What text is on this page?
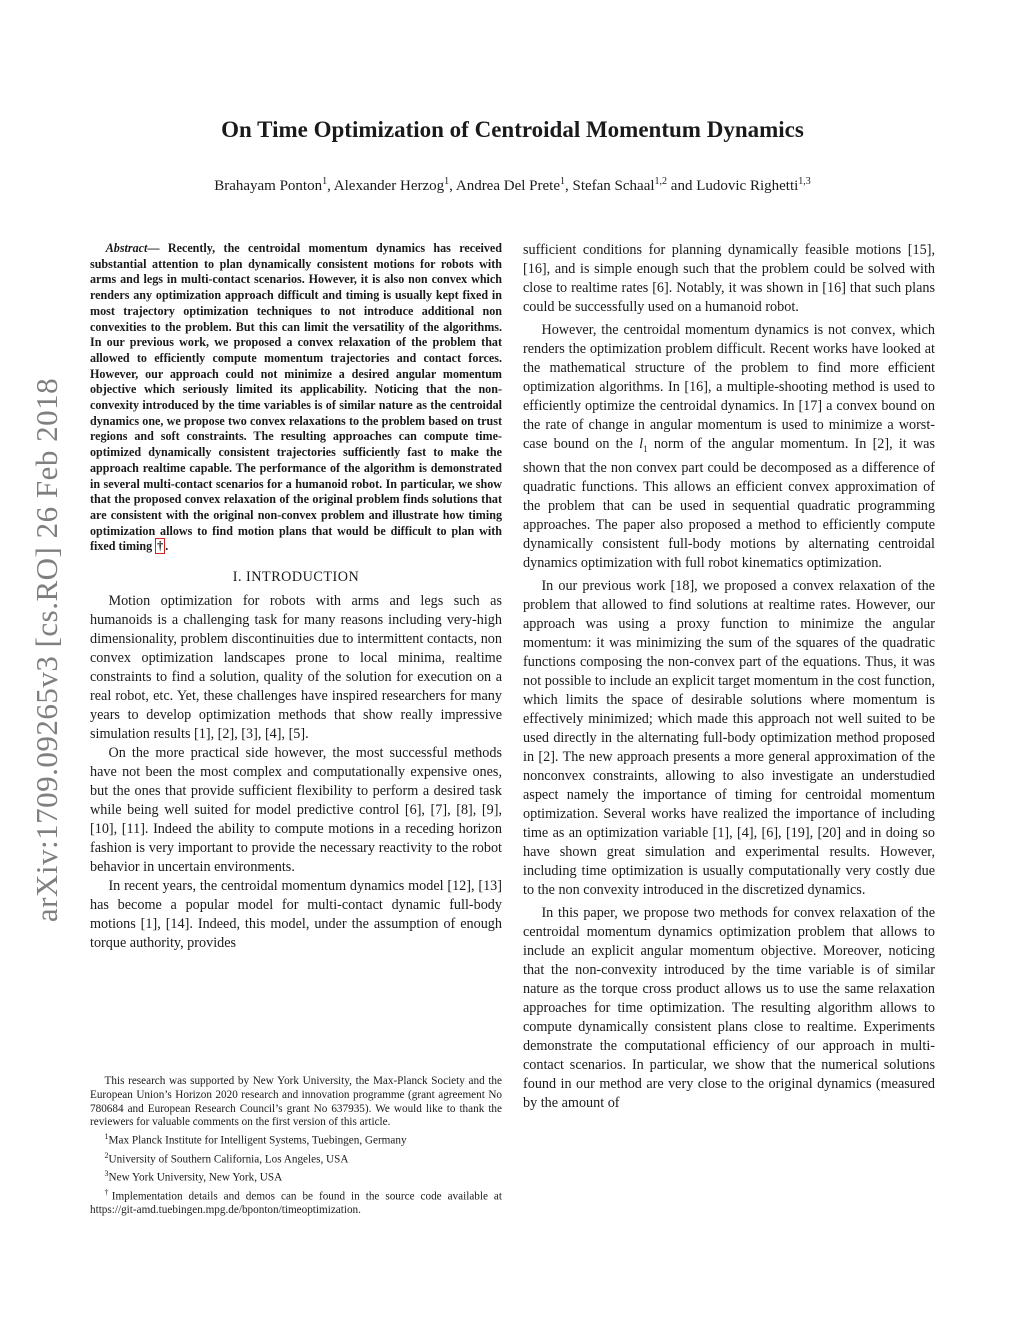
arXiv:1709.09265v3 [cs.RO] 26 Feb 2018
On Time Optimization of Centroidal Momentum Dynamics

Brahayam Ponton$^1$, Alexander Herzog$^1$, Andrea Del Prete$^1$, Stefan Schaal$^{1,2}$ and Ludovic Righetti$^{1,3}$

Abstract— Recently, the centroidal momentum dynamics has received substantial attention to plan dynamically consistent motions for robots with arms and legs in multi-contact scenarios. However, it is also non convex which renders any optimization approach difficult and timing is usually kept fixed in most trajectory optimization techniques to not introduce additional non convexities to the problem. But this can limit the versatility of the algorithms. In our previous work, we proposed a convex relaxation of the problem that allowed to efficiently compute momentum trajectories and contact forces. However, our approach could not minimize a desired angular momentum objective which seriously limited its applicability. Noticing that the non-convexity introduced by the time variables is of similar nature as the centroidal dynamics one, we propose two convex relaxations to the problem based on trust regions and soft constraints. The resulting approaches can compute time-optimized dynamically consistent trajectories sufficiently fast to make the approach realtime capable. The performance of the algorithm is demonstrated in several multi-contact scenarios for a humanoid robot. In particular, we show that the proposed convex relaxation of the original problem finds solutions that are consistent with the original non-convex problem and illustrate how timing optimization allows to find motion plans that would be difficult to plan with fixed timing † .

I. INTRODUCTION

Motion optimization for robots with arms and legs such as humanoids is a challenging task for many reasons including very-high dimensionality, problem discontinuities due to intermittent contacts, non convex optimization landscapes prone to local minima, realtime constraints to find a solution, quality of the solution for execution on a real robot, etc. Yet, these challenges have inspired researchers for many years to develop optimization methods that show really impressive simulation results [1], [2], [3], [4], [5].

On the more practical side however, the most successful methods have not been the most complex and computationally expensive ones, but the ones that provide sufficient flexibility to perform a desired task while being well suited for model predictive control [6], [7], [8], [9], [10], [11]. Indeed the ability to compute motions in a receding horizon fashion is very important to provide the necessary reactivity to the robot behavior in uncertain environments.

In recent years, the centroidal momentum dynamics model [12], [13] has become a popular model for multi-contact dynamic full-body motions [1], [14]. Indeed, this model, under the assumption of enough torque authority, provides

sufficient conditions for planning dynamically feasible motions [15], [16], and is simple enough such that the problem could be solved with close to realtime rates [6]. Notably, it was shown in [16] that such plans could be successfully used on a humanoid robot.

However, the centroidal momentum dynamics is not convex, which renders the optimization problem difficult. Recent works have looked at the mathematical structure of the problem to find more efficient optimization algorithms. In [16], a multiple-shooting method is used to efficiently optimize the centroidal dynamics. In [17] a convex bound on the rate of change in angular momentum is used to minimize a worst-case bound on the $l_1$ norm of the angular momentum. In [2], it was shown that the non convex part could be decomposed as a difference of quadratic functions. This allows an efficient convex approximation of the problem that can be used in sequential quadratic programming approaches. The paper also proposed a method to efficiently compute dynamically consistent full-body motions by alternating centroidal dynamics optimization with full robot kinematics optimization.

In our previous work [18], we proposed a convex relaxation of the problem that allowed to find solutions at realtime rates. However, our approach was using a proxy function to minimize the angular momentum: it was minimizing the sum of the squares of the quadratic functions composing the non-convex part of the equations. Thus, it was not possible to include an explicit target momentum in the cost function, which limits the space of desirable solutions where momentum is effectively minimized; which made this approach not well suited to be used directly in the alternating full-body optimization method proposed in [2]. The new approach presents a more general approximation of the nonconvex constraints, allowing to also investigate an understudied aspect namely the importance of timing for centroidal momentum optimization. Several works have realized the importance of including time as an optimization variable [1], [4], [6], [19], [20] and in doing so have shown great simulation and experimental results. However, including time optimization is usually computationally very costly due to the non convexity introduced in the discretized dynamics.

In this paper, we propose two methods for convex relaxation of the centroidal momentum dynamics optimization problem that allows to include an explicit angular momentum objective. Moreover, noticing that the non-convexity introduced by the time variable is of similar nature as the torque cross product allows us to use the same relaxation approaches for time optimization. The resulting algorithm allows to compute dynamically consistent plans close to realtime. Experiments demonstrate the computational efficiency of our approach in multi-contact scenarios. In particular, we show that the numerical solutions found in our method are very close to the original dynamics (measured by the amount of

This research was supported by New York University, the Max-Planck Society and the European Union’s Horizon 2020 research and innovation programme (grant agreement No 780684 and European Research Council’s grant No 637935). We would like to thank the reviewers for valuable comments on the first version of this article.

$^1$Max Planck Institute for Intelligent Systems, Tuebingen, Germany

$^2$University of Southern California, Los Angeles, USA

$^3$New York University, New York, USA

†Implementation details and demos can be found in the source code available at https://git-amd.tuebingen.mpg.de/bponton/timeoptimization.
